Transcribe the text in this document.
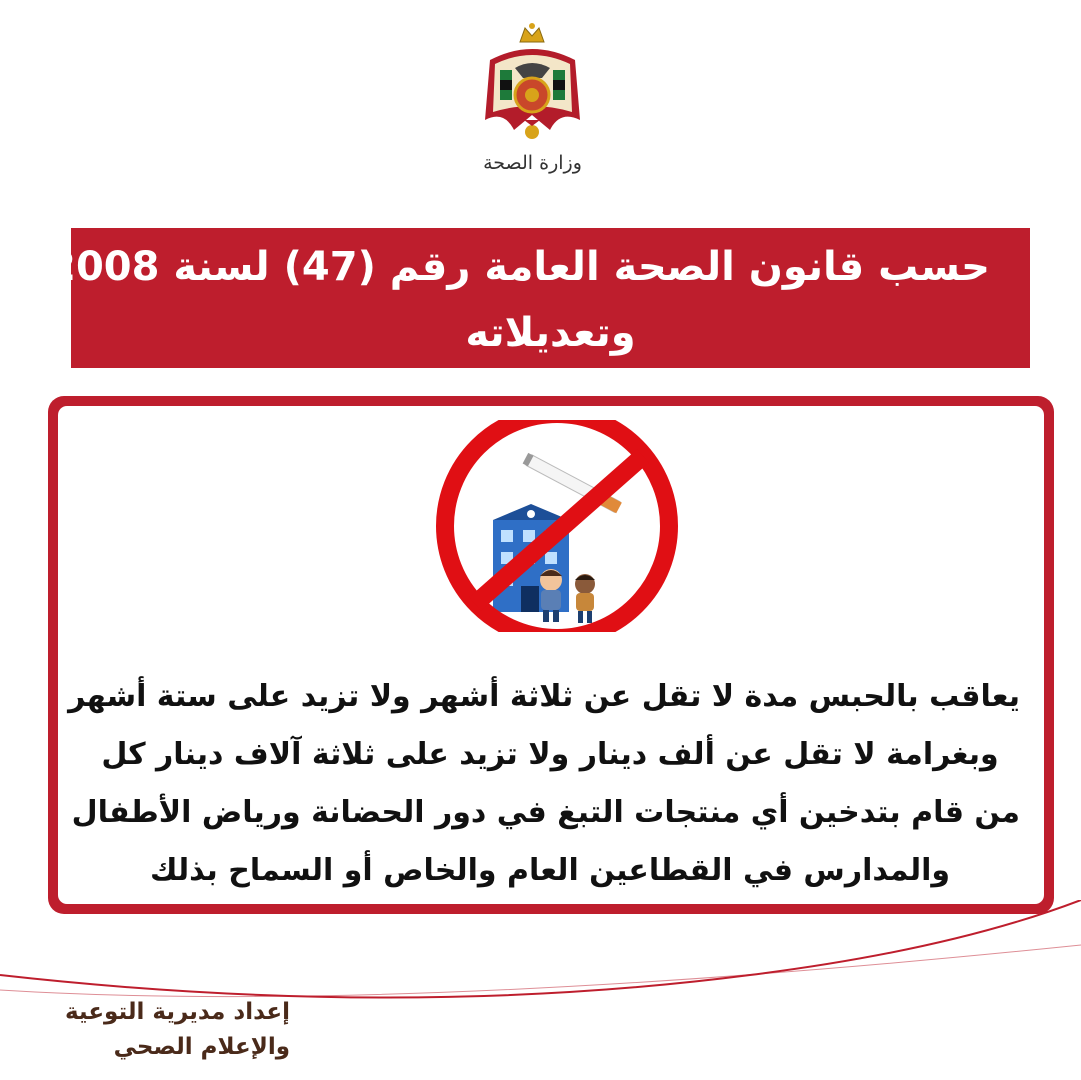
وزارة الصحة
حسب قانون الصحة العامة رقم (47) لسنة 2008
وتعديلاته
يعاقب بالحبس مدة لا تقل عن ثلاثة أشهر ولا تزيد على ستة أشهر
وبغرامة لا تقل عن ألف دينار ولا تزيد على ثلاثة آلاف دينار كل
من قام بتدخين أي منتجات التبغ في دور الحضانة ورياض الأطفال
والمدارس في القطاعين العام والخاص أو السماح بذلك
إعداد مديرية التوعية
والإعلام الصحي
